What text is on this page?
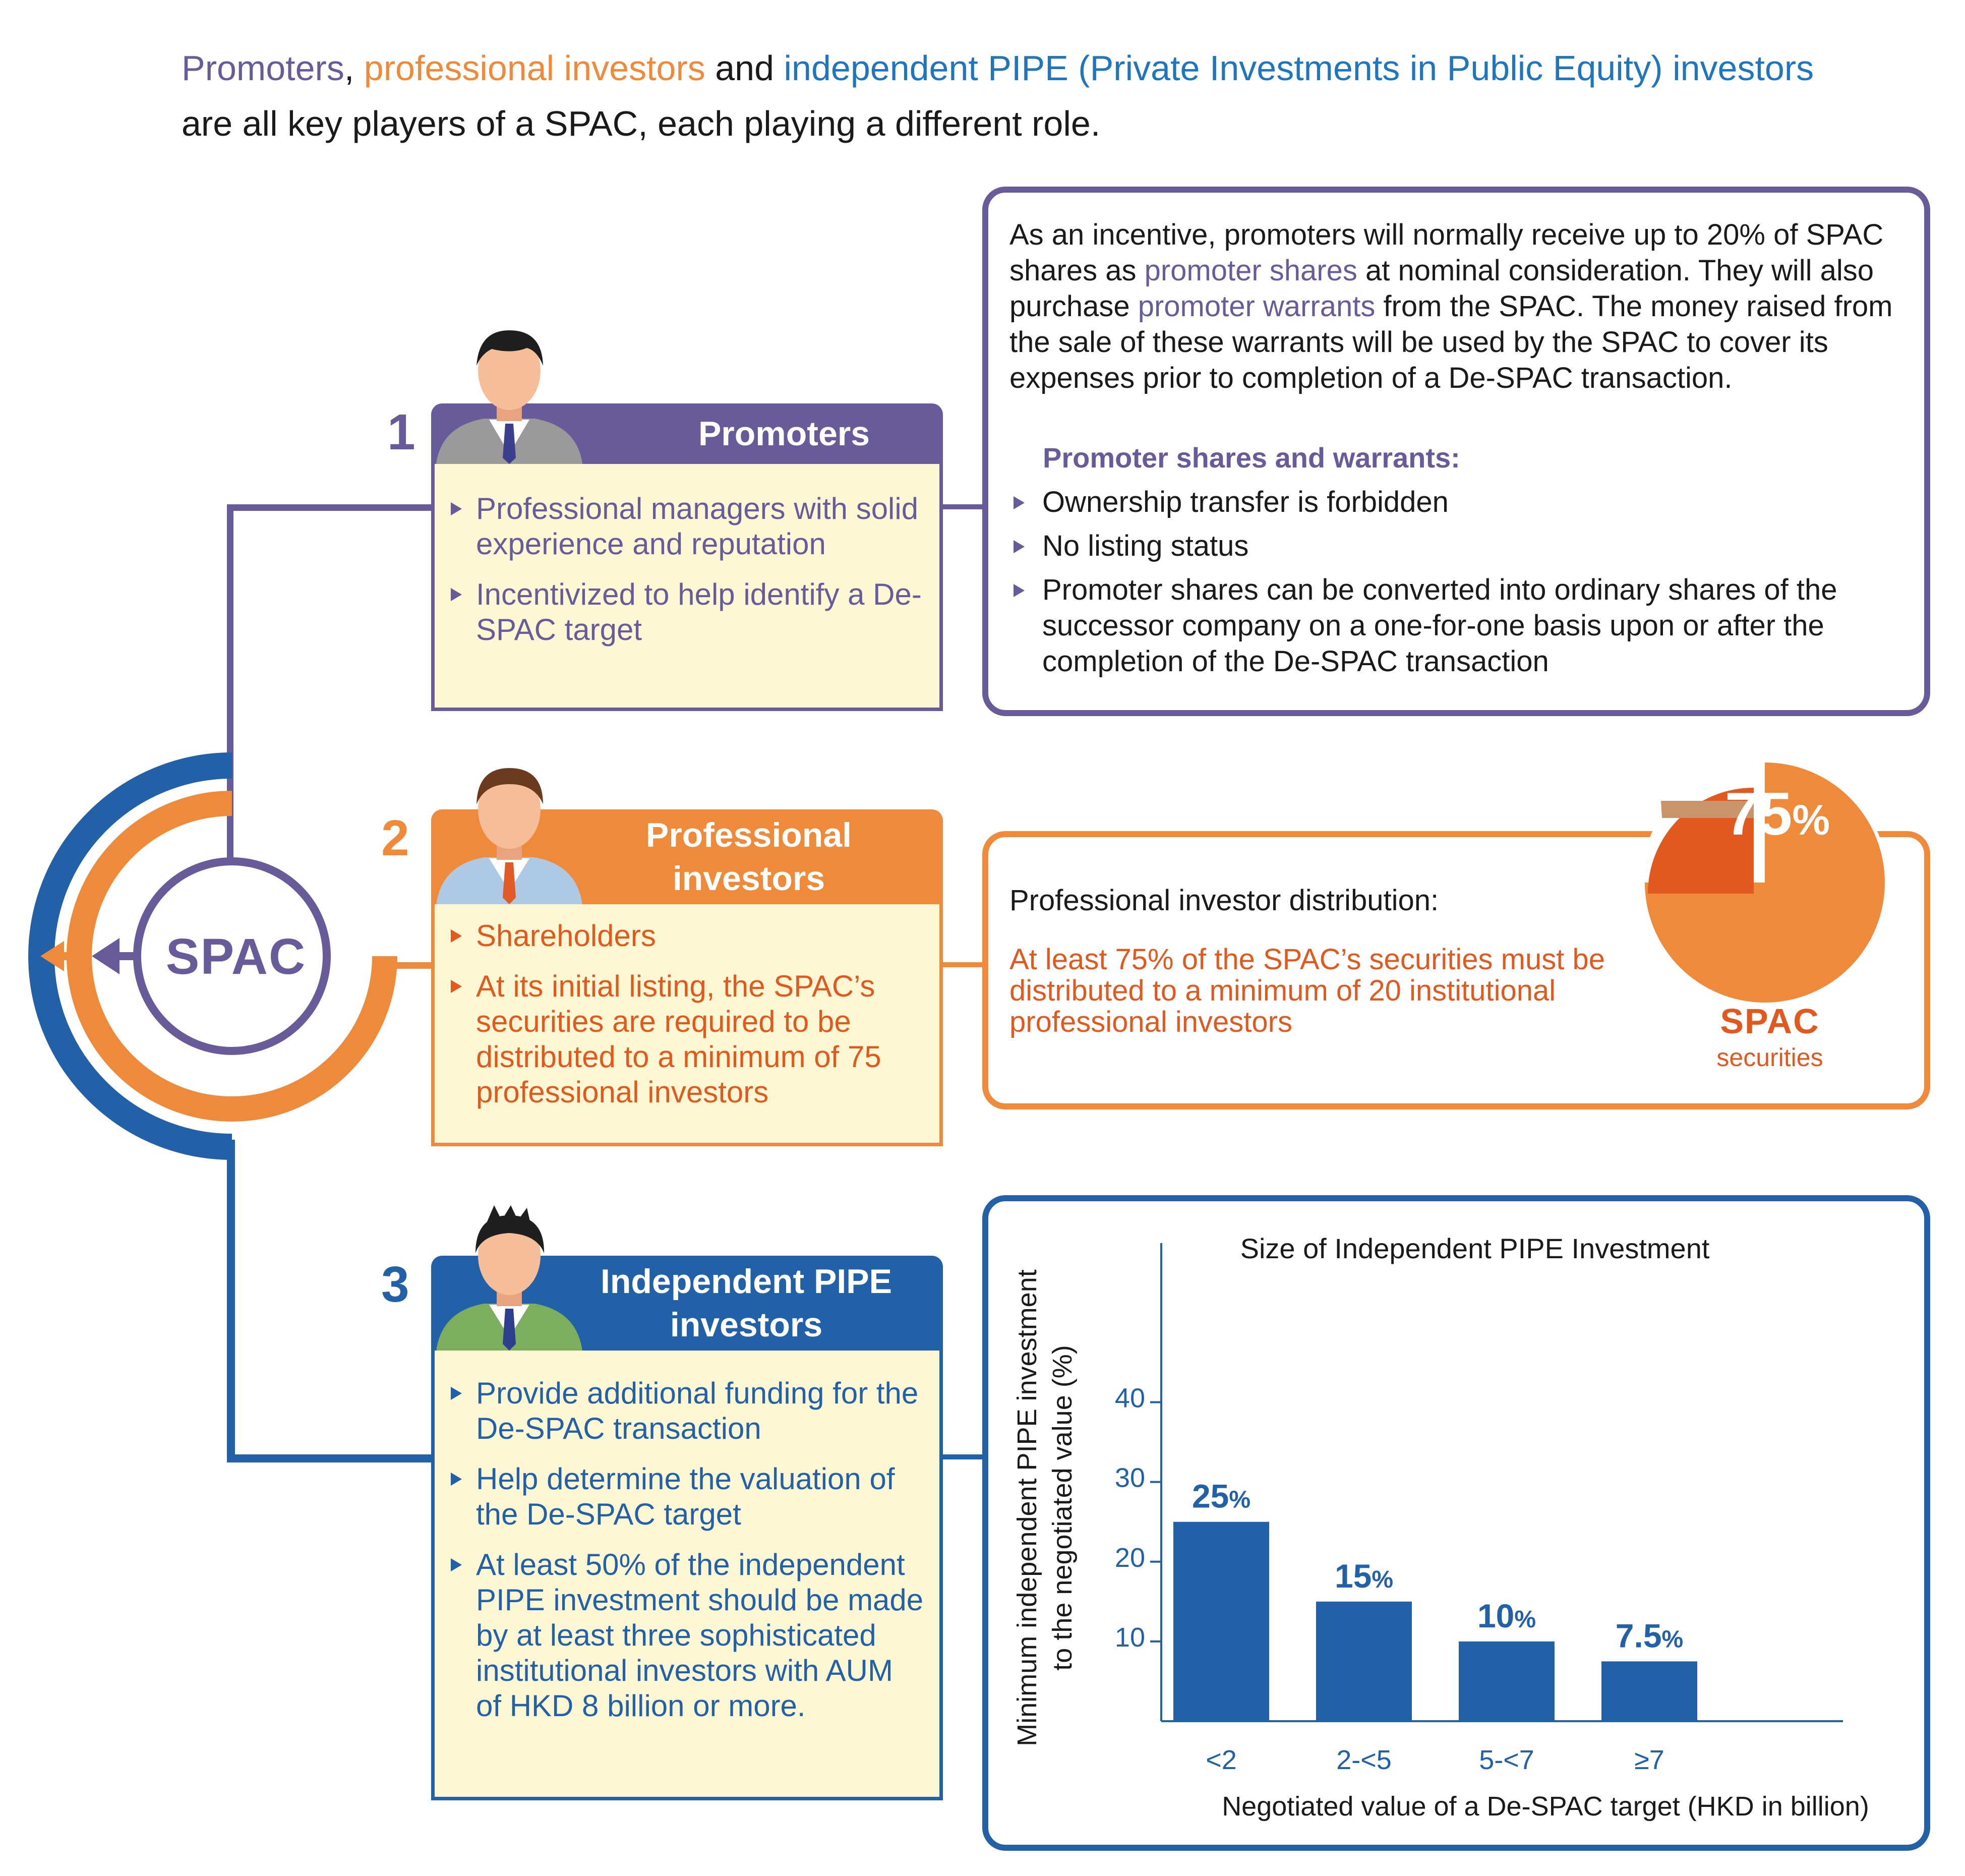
Promoters, professional investors and independent PIPE (Private Investments in Public Equity) investors are all key players of a SPAC, each playing a different role.
SPAC
1	Promoters
Professional managers with solid experience and reputation
Incentivized to help identify a De-SPAC target
2	Professional investors
Shareholders
At its initial listing, the SPAC’s securities are required to be distributed to a minimum of 75 professional investors
3	Independent PIPE investors
Provide additional funding for the De-SPAC transaction
Help determine the valuation of the De-SPAC target
At least 50% of the independent PIPE investment should be made by at least three sophisticated institutional investors with AUM of HKD 8 billion or more.
As an incentive, promoters will normally receive up to 20% of SPAC shares as promoter shares at nominal consideration. They will also purchase promoter warrants from the SPAC. The money raised from the sale of these warrants will be used by the SPAC to cover its expenses prior to completion of a De-SPAC transaction.
Promoter shares and warrants:
Ownership transfer is forbidden
No listing status
Promoter shares can be converted into ordinary shares of the successor company on a one-for-one basis upon or after the completion of the De-SPAC transaction
Professional investor distribution:
At least 75% of the SPAC’s securities must be distributed to a minimum of 20 institutional professional investors
75%
SPAC
securities
Size of Independent PIPE Investment
Minimum independent PIPE investment to the negotiated value (%)
Negotiated value of a De-SPAC target (HKD in billion)
10
20
30
40
25%
<2
15%
2-<5
10%
5-<7
7.5%
≥7
